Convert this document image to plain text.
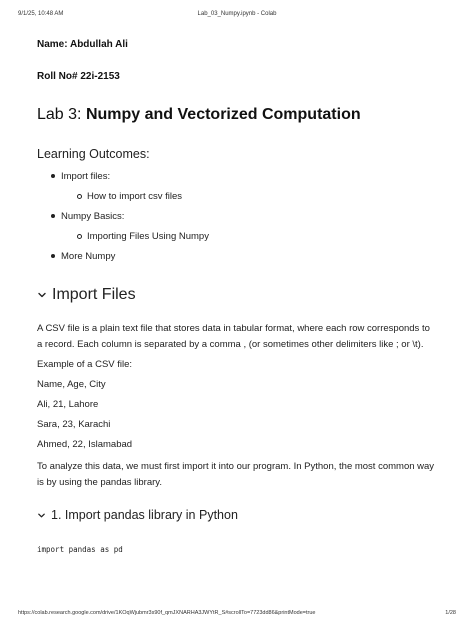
9/1/25, 10:48 AM	Lab_03_Numpy.ipynb - Colab
Name: Abdullah Ali
Roll No# 22i-2153
Lab 3: Numpy and Vectorized Computation
Learning Outcomes:
Import files:
How to import csv files
Numpy Basics:
Importing Files Using Numpy
More Numpy
Import Files
A CSV file is a plain text file that stores data in tabular format, where each row corresponds to a record. Each column is separated by a comma , (or sometimes other delimiters like ; or \t).
Example of a CSV file:
Name, Age, City
Ali, 21, Lahore
Sara, 23, Karachi
Ahmed, 22, Islamabad
To analyze this data, we must first import it into our program. In Python, the most common way is by using the pandas library.
1. Import pandas library in Python
import pandas as pd
https://colab.research.google.com/drive/1KOqWjubmr3s90f_qmJXNARHA3JWYtR_S#scrollTo=7723dd86&printMode=true	1/28
